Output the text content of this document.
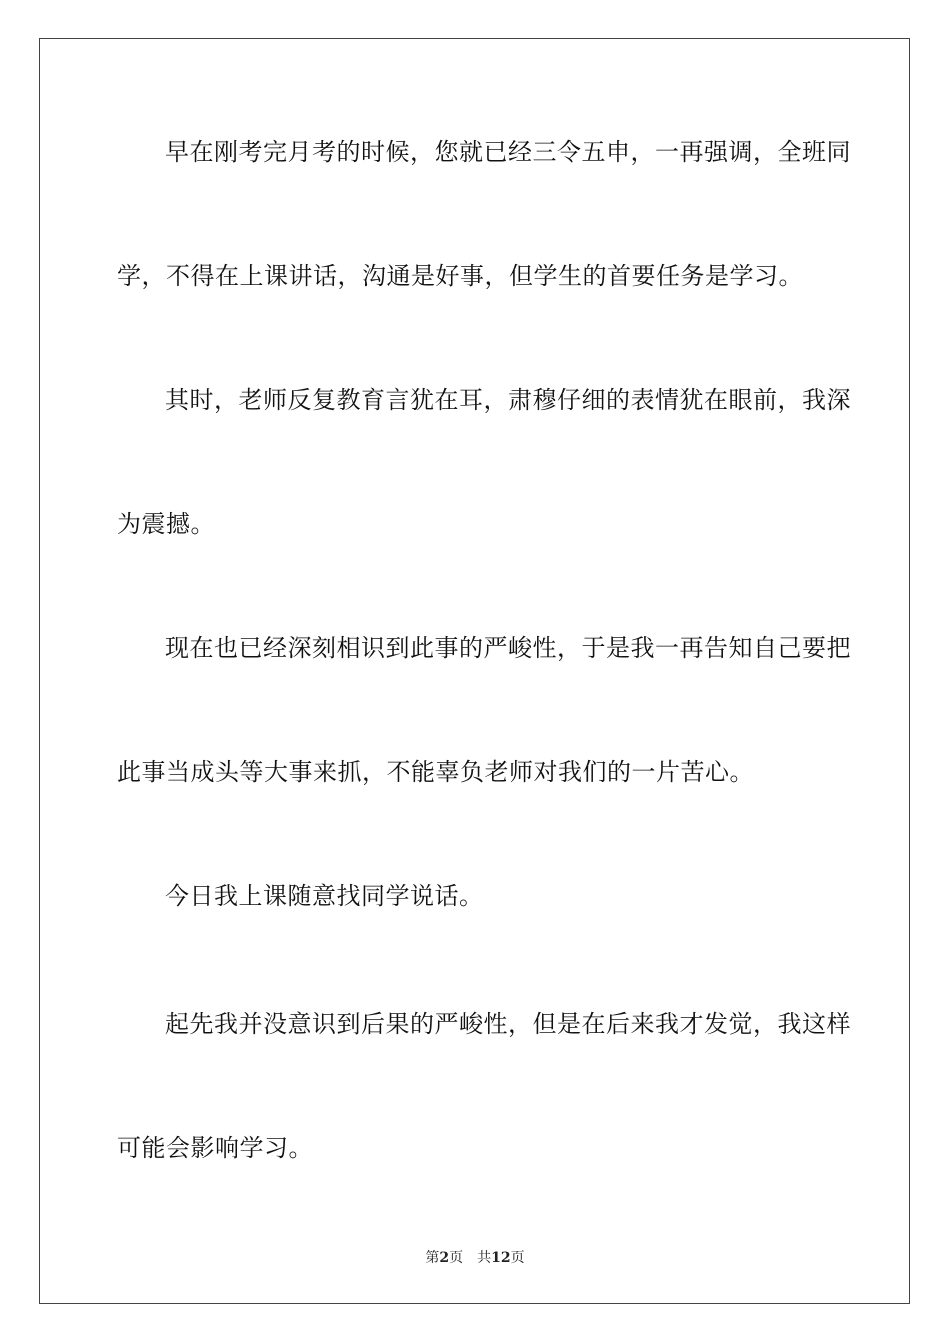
早在刚考完月考的时候，您就已经三令五申，一再强调，全班同
学，不得在上课讲话，沟通是好事，但学生的首要任务是学习。
其时，老师反复教育言犹在耳，肃穆仔细的表情犹在眼前，我深
为震撼。
现在也已经深刻相识到此事的严峻性，于是我一再告知自己要把
此事当成头等大事来抓，不能辜负老师对我们的一片苦心。
今日我上课随意找同学说话。
起先我并没意识到后果的严峻性，但是在后来我才发觉，我这样
可能会影响学习。
第2页 共12页
